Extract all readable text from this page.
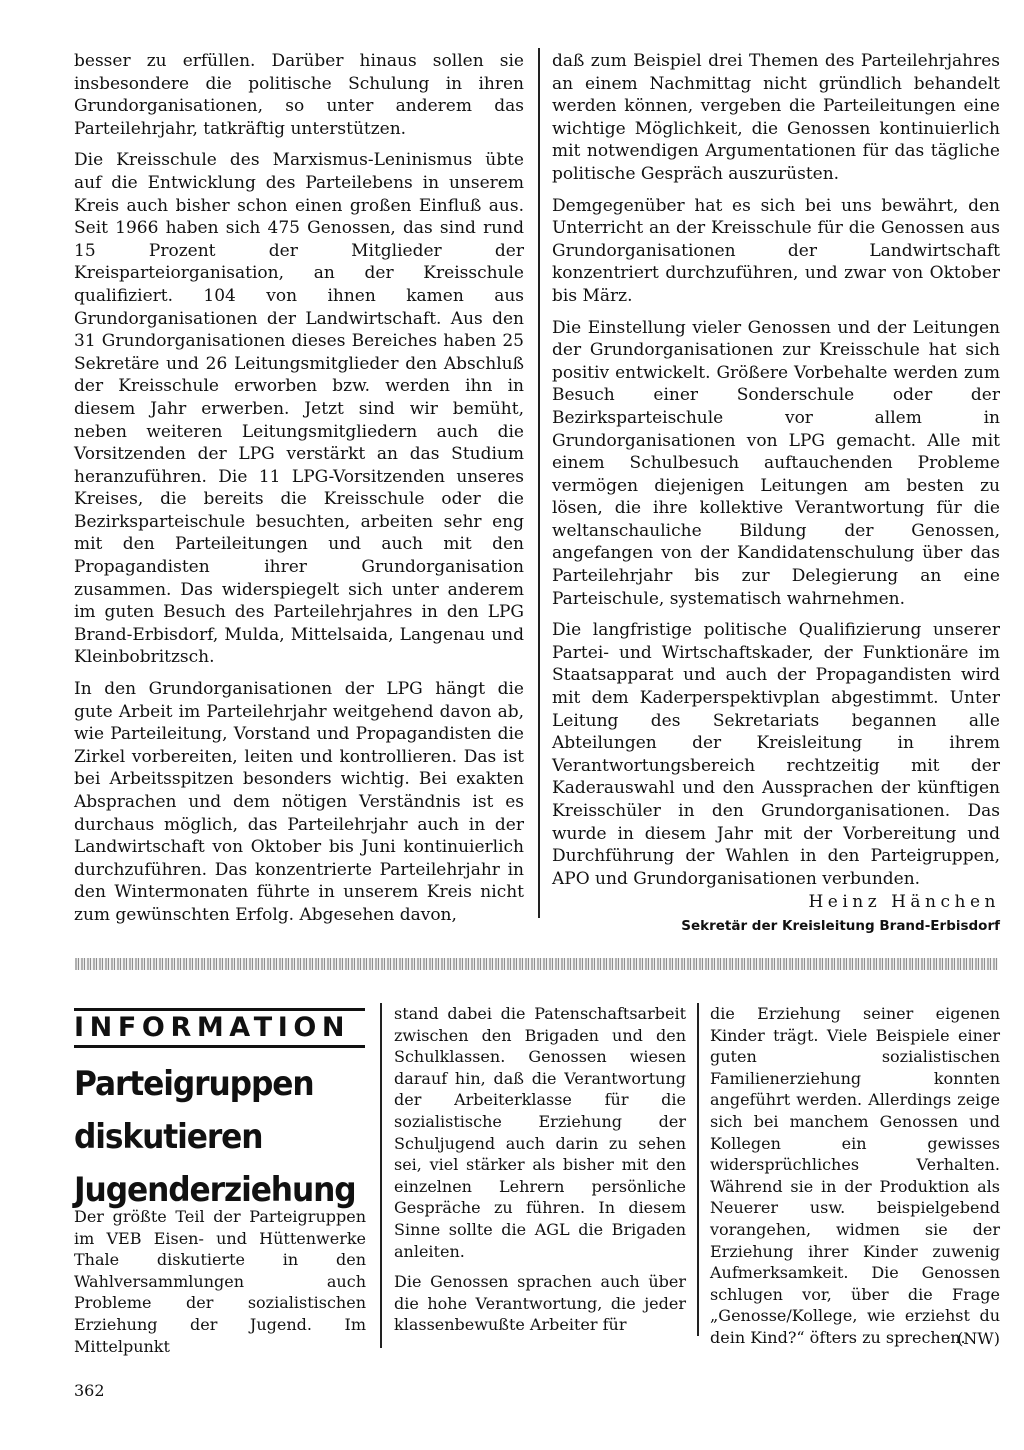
besser zu erfüllen. Darüber hinaus sollen sie insbesondere die politische Schulung in ihren Grundorganisationen, so unter anderem das Parteilehrjahr, tatkräftig unterstützen.

Die Kreisschule des Marxismus-Leninismus übte auf die Entwicklung des Parteilebens in unserem Kreis auch bisher schon einen großen Einfluß aus. Seit 1966 haben sich 475 Genossen, das sind rund 15 Prozent der Mitglieder der Kreisparteiorganisation, an der Kreisschule qualifiziert. 104 von ihnen kamen aus Grundorganisationen der Landwirtschaft. Aus den 31 Grundorganisationen dieses Bereiches haben 25 Sekretäre und 26 Leitungsmitglieder den Abschluß der Kreisschule erworben bzw. werden ihn in diesem Jahr erwerben. Jetzt sind wir bemüht, neben weiteren Leitungsmitgliedern auch die Vorsitzenden der LPG verstärkt an das Studium heranzuführen. Die 11 LPG-Vorsitzenden unseres Kreises, die bereits die Kreisschule oder die Bezirksparteischule besuchten, arbeiten sehr eng mit den Parteileitungen und auch mit den Propagandisten ihrer Grundorganisation zusammen. Das widerspiegelt sich unter anderem im guten Besuch des Parteilehrjahres in den LPG Brand-Erbisdorf, Mulda, Mittelsaida, Langenau und Kleinbobritzsch.

In den Grundorganisationen der LPG hängt die gute Arbeit im Parteilehrjahr weitgehend davon ab, wie Parteileitung, Vorstand und Propagandisten die Zirkel vorbereiten, leiten und kontrollieren. Das ist bei Arbeitsspitzen besonders wichtig. Bei exakten Absprachen und dem nötigen Verständnis ist es durchaus möglich, das Parteilehrjahr auch in der Landwirtschaft von Oktober bis Juni kontinuierlich durchzuführen. Das konzentrierte Parteilehrjahr in den Wintermonaten führte in unserem Kreis nicht zum gewünschten Erfolg. Abgesehen davon,

daß zum Beispiel drei Themen des Parteilehrjahres an einem Nachmittag nicht gründlich behandelt werden können, vergeben die Parteileitungen eine wichtige Möglichkeit, die Genossen kontinuierlich mit notwendigen Argumentationen für das tägliche politische Gespräch auszurüsten.

Demgegenüber hat es sich bei uns bewährt, den Unterricht an der Kreisschule für die Genossen aus Grundorganisationen der Landwirtschaft konzentriert durchzuführen, und zwar von Oktober bis März.

Die Einstellung vieler Genossen und der Leitungen der Grundorganisationen zur Kreisschule hat sich positiv entwickelt. Größere Vorbehalte werden zum Besuch einer Sonderschule oder der Bezirksparteischule vor allem in Grundorganisationen von LPG gemacht. Alle mit einem Schulbesuch auftauchenden Probleme vermögen diejenigen Leitungen am besten zu lösen, die ihre kollektive Verantwortung für die weltanschauliche Bildung der Genossen, angefangen von der Kandidatenschulung über das Parteilehrjahr bis zur Delegierung an eine Parteischule, systematisch wahrnehmen.

Die langfristige politische Qualifizierung unserer Partei- und Wirtschaftskader, der Funktionäre im Staatsapparat und auch der Propagandisten wird mit dem Kaderperspektivplan abgestimmt. Unter Leitung des Sekretariats begannen alle Abteilungen der Kreisleitung in ihrem Verantwortungsbereich rechtzeitig mit der Kaderauswahl und den Aussprachen der künftigen Kreisschüler in den Grundorganisationen. Das wurde in diesem Jahr mit der Vorbereitung und Durchführung der Wahlen in den Parteigruppen, APO und Grundorganisationen verbunden.

Heinz Hänchen
Sekretär der Kreisleitung Brand-Erbisdorf
INFORMATION
Parteigruppen diskutieren Jugenderziehung

Der größte Teil der Parteigruppen im VEB Eisen- und Hüttenwerke Thale diskutierte in den Wahlversammlungen auch Probleme der sozialistischen Erziehung der Jugend. Im Mittelpunkt

stand dabei die Patenschaftsarbeit zwischen den Brigaden und den Schulklassen. Genossen wiesen darauf hin, daß die Verantwortung der Arbeiterklasse für die sozialistische Erziehung der Schuljugend auch darin zu sehen sei, viel stärker als bisher mit den einzelnen Lehrern persönliche Gespräche zu führen. In diesem Sinne sollte die AGL die Brigaden anleiten.

Die Genossen sprachen auch über die hohe Verantwortung, die jeder klassenbewußte Arbeiter für

die Erziehung seiner eigenen Kinder trägt. Viele Beispiele einer guten sozialistischen Familienerziehung konnten angeführt werden. Allerdings zeige sich bei manchem Genossen und Kollegen ein gewisses widersprüchliches Verhalten. Während sie in der Produktion als Neuerer usw. beispielgebend vorangehen, widmen sie der Erziehung ihrer Kinder zuwenig Aufmerksamkeit. Die Genossen schlugen vor, über die Frage „Genosse/Kollege, wie erziehst du dein Kind?“ öfters zu sprechen.

(NW)
362
